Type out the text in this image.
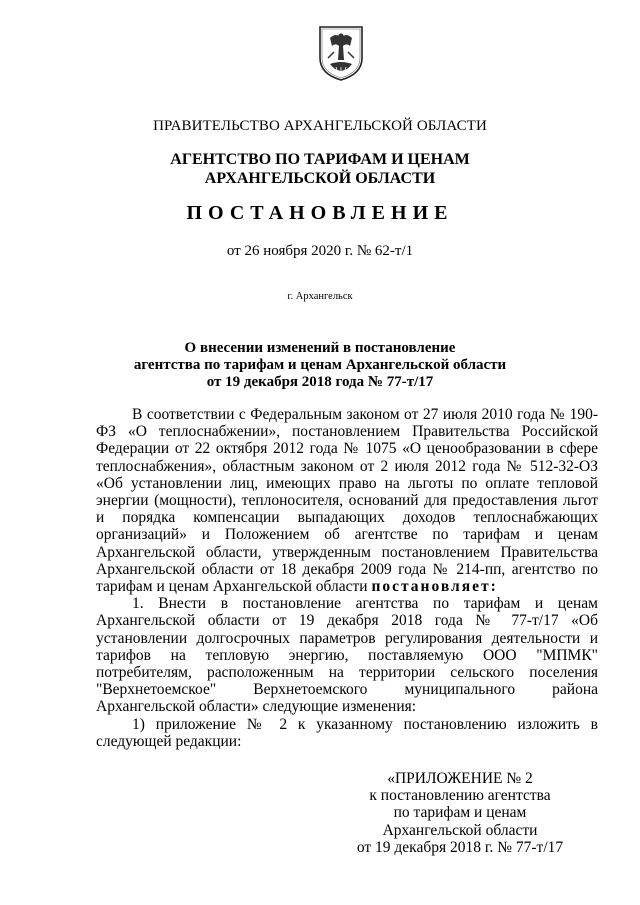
ПРАВИТЕЛЬСТВО АРХАНГЕЛЬСКОЙ ОБЛАСТИ
АГЕНТСТВО ПО ТАРИФАМ И ЦЕНАМ
АРХАНГЕЛЬСКОЙ ОБЛАСТИ
ПОСТАНОВЛЕНИЕ
от 26 ноября 2020 г. № 62-т/1
г. Архангельск
О внесении изменений в постановление
агентства по тарифам и ценам Архангельской области
от 19 декабря 2018 года № 77-т/17

В соответствии с Федеральным законом от 27 июля 2010 года № 190-ФЗ «О теплоснабжении», постановлением Правительства Российской Федерации от 22 октября 2012 года № 1075 «О ценообразовании в сфере теплоснабжения», областным законом от 2 июля 2012 года № 512-32-ОЗ «Об установлении лиц, имеющих право на льготы по оплате тепловой энергии (мощности), теплоносителя, оснований для предоставления льгот и порядка компенсации выпадающих доходов теплоснабжающих организаций» и Положением об агентстве по тарифам и ценам Архангельской области, утвержденным постановлением Правительства Архангельской области от 18 декабря 2009 года № 214-пп, агентство по тарифам и ценам Архангельской области постановляет:

1. Внести в постановление агентства по тарифам и ценам Архангельской области от 19 декабря 2018 года № 77-т/17 «Об установлении долгосрочных параметров регулирования деятельности и тарифов на тепловую энергию, поставляемую ООО "МПМК" потребителям, расположенным на территории сельского поселения "Верхнетоемское" Верхнетоемского муниципального района Архангельской области» следующие изменения:

1) приложение № 2 к указанному постановлению изложить в следующей редакции:

«ПРИЛОЖЕНИЕ № 2
к постановлению агентства
по тарифам и ценам
Архангельской области
от 19 декабря 2018 г. № 77-т/17
